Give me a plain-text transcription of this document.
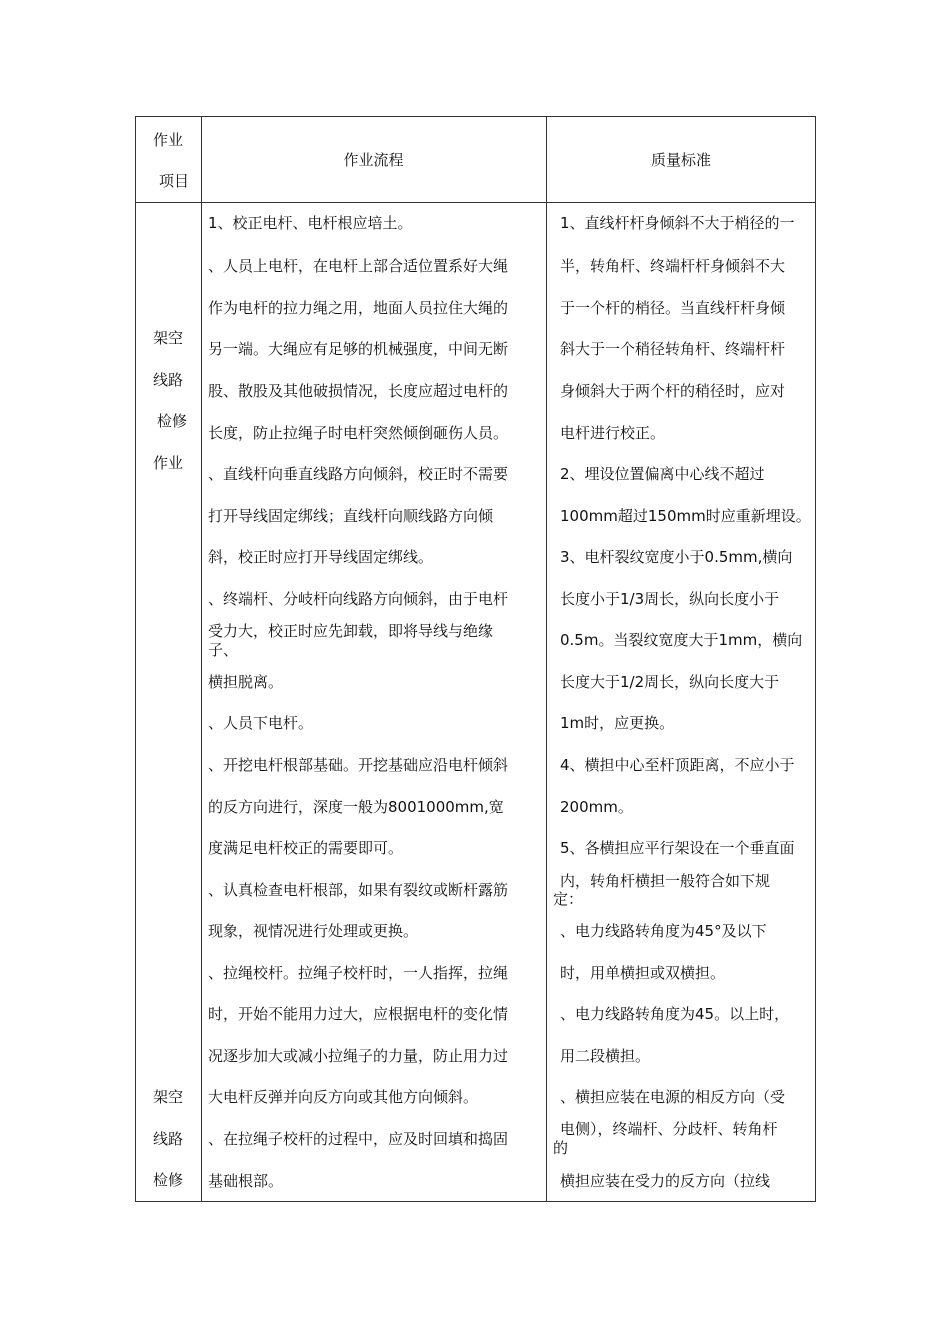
作业
项目
作业流程	质量标准
架空
线路
检修
作业
架空
线路
检修
1、校正电杆、电杆根应培土。
、人员上电杆，在电杆上部合适位置系好大绳
作为电杆的拉力绳之用，地面人员拉住大绳的
另一端。大绳应有足够的机械强度，中间无断
股、散股及其他破损情况，长度应超过电杆的
长度，防止拉绳子时电杆突然倾倒砸伤人员。
、直线杆向垂直线路方向倾斜，校正时不需要
打开导线固定绑线；直线杆向顺线路方向倾
斜，校正时应打开导线固定绑线。
、终端杆、分岐杆向线路方向倾斜，由于电杆
受力大，校正时应先卸载，即将导线与绝缘
子、
横担脱离。
、人员下电杆。
、开挖电杆根部基础。开挖基础应沿电杆倾斜
的反方向进行，深度一般为8001000mm,宽
度满足电杆校正的需要即可。
、认真检查电杆根部，如果有裂纹或断杆露筋
现象，视情况进行处理或更换。
、拉绳校杆。拉绳子校杆时，一人指挥，拉绳
时，开始不能用力过大，应根据电杆的变化情
况逐步加大或减小拉绳子的力量，防止用力过
大电杆反弹并向反方向或其他方向倾斜。
、在拉绳子校杆的过程中，应及时回填和捣固
基础根部。
1、直线杆杆身倾斜不大于梢径的一
半，转角杆、终端杆杆身倾斜不大
于一个杆的梢径。当直线杆杆身倾
斜大于一个稍径转角杆、终端杆杆
身倾斜大于两个杆的稍径时，应对
电杆进行校正。
2、埋设位置偏离中心线不超过
100mm超过150mm时应重新埋设。
3、电杆裂纹宽度小于0.5mm,横向
长度小于1/3周长，纵向长度小于
0.5m。当裂纹宽度大于1mm，横向
长度大于1/2周长，纵向长度大于
1m时，应更换。
4、横担中心至杆顶距离，不应小于
200mm。
5、各横担应平行架设在一个垂直面
内，转角杆横担一般符合如下规
定：
、电力线路转角度为45°及以下
时，用单横担或双横担。
、电力线路转角度为45。以上时，
用二段横担。
、横担应装在电源的相反方向（受
电侧），终端杆、分歧杆、转角杆
的
横担应装在受力的反方向（拉线
